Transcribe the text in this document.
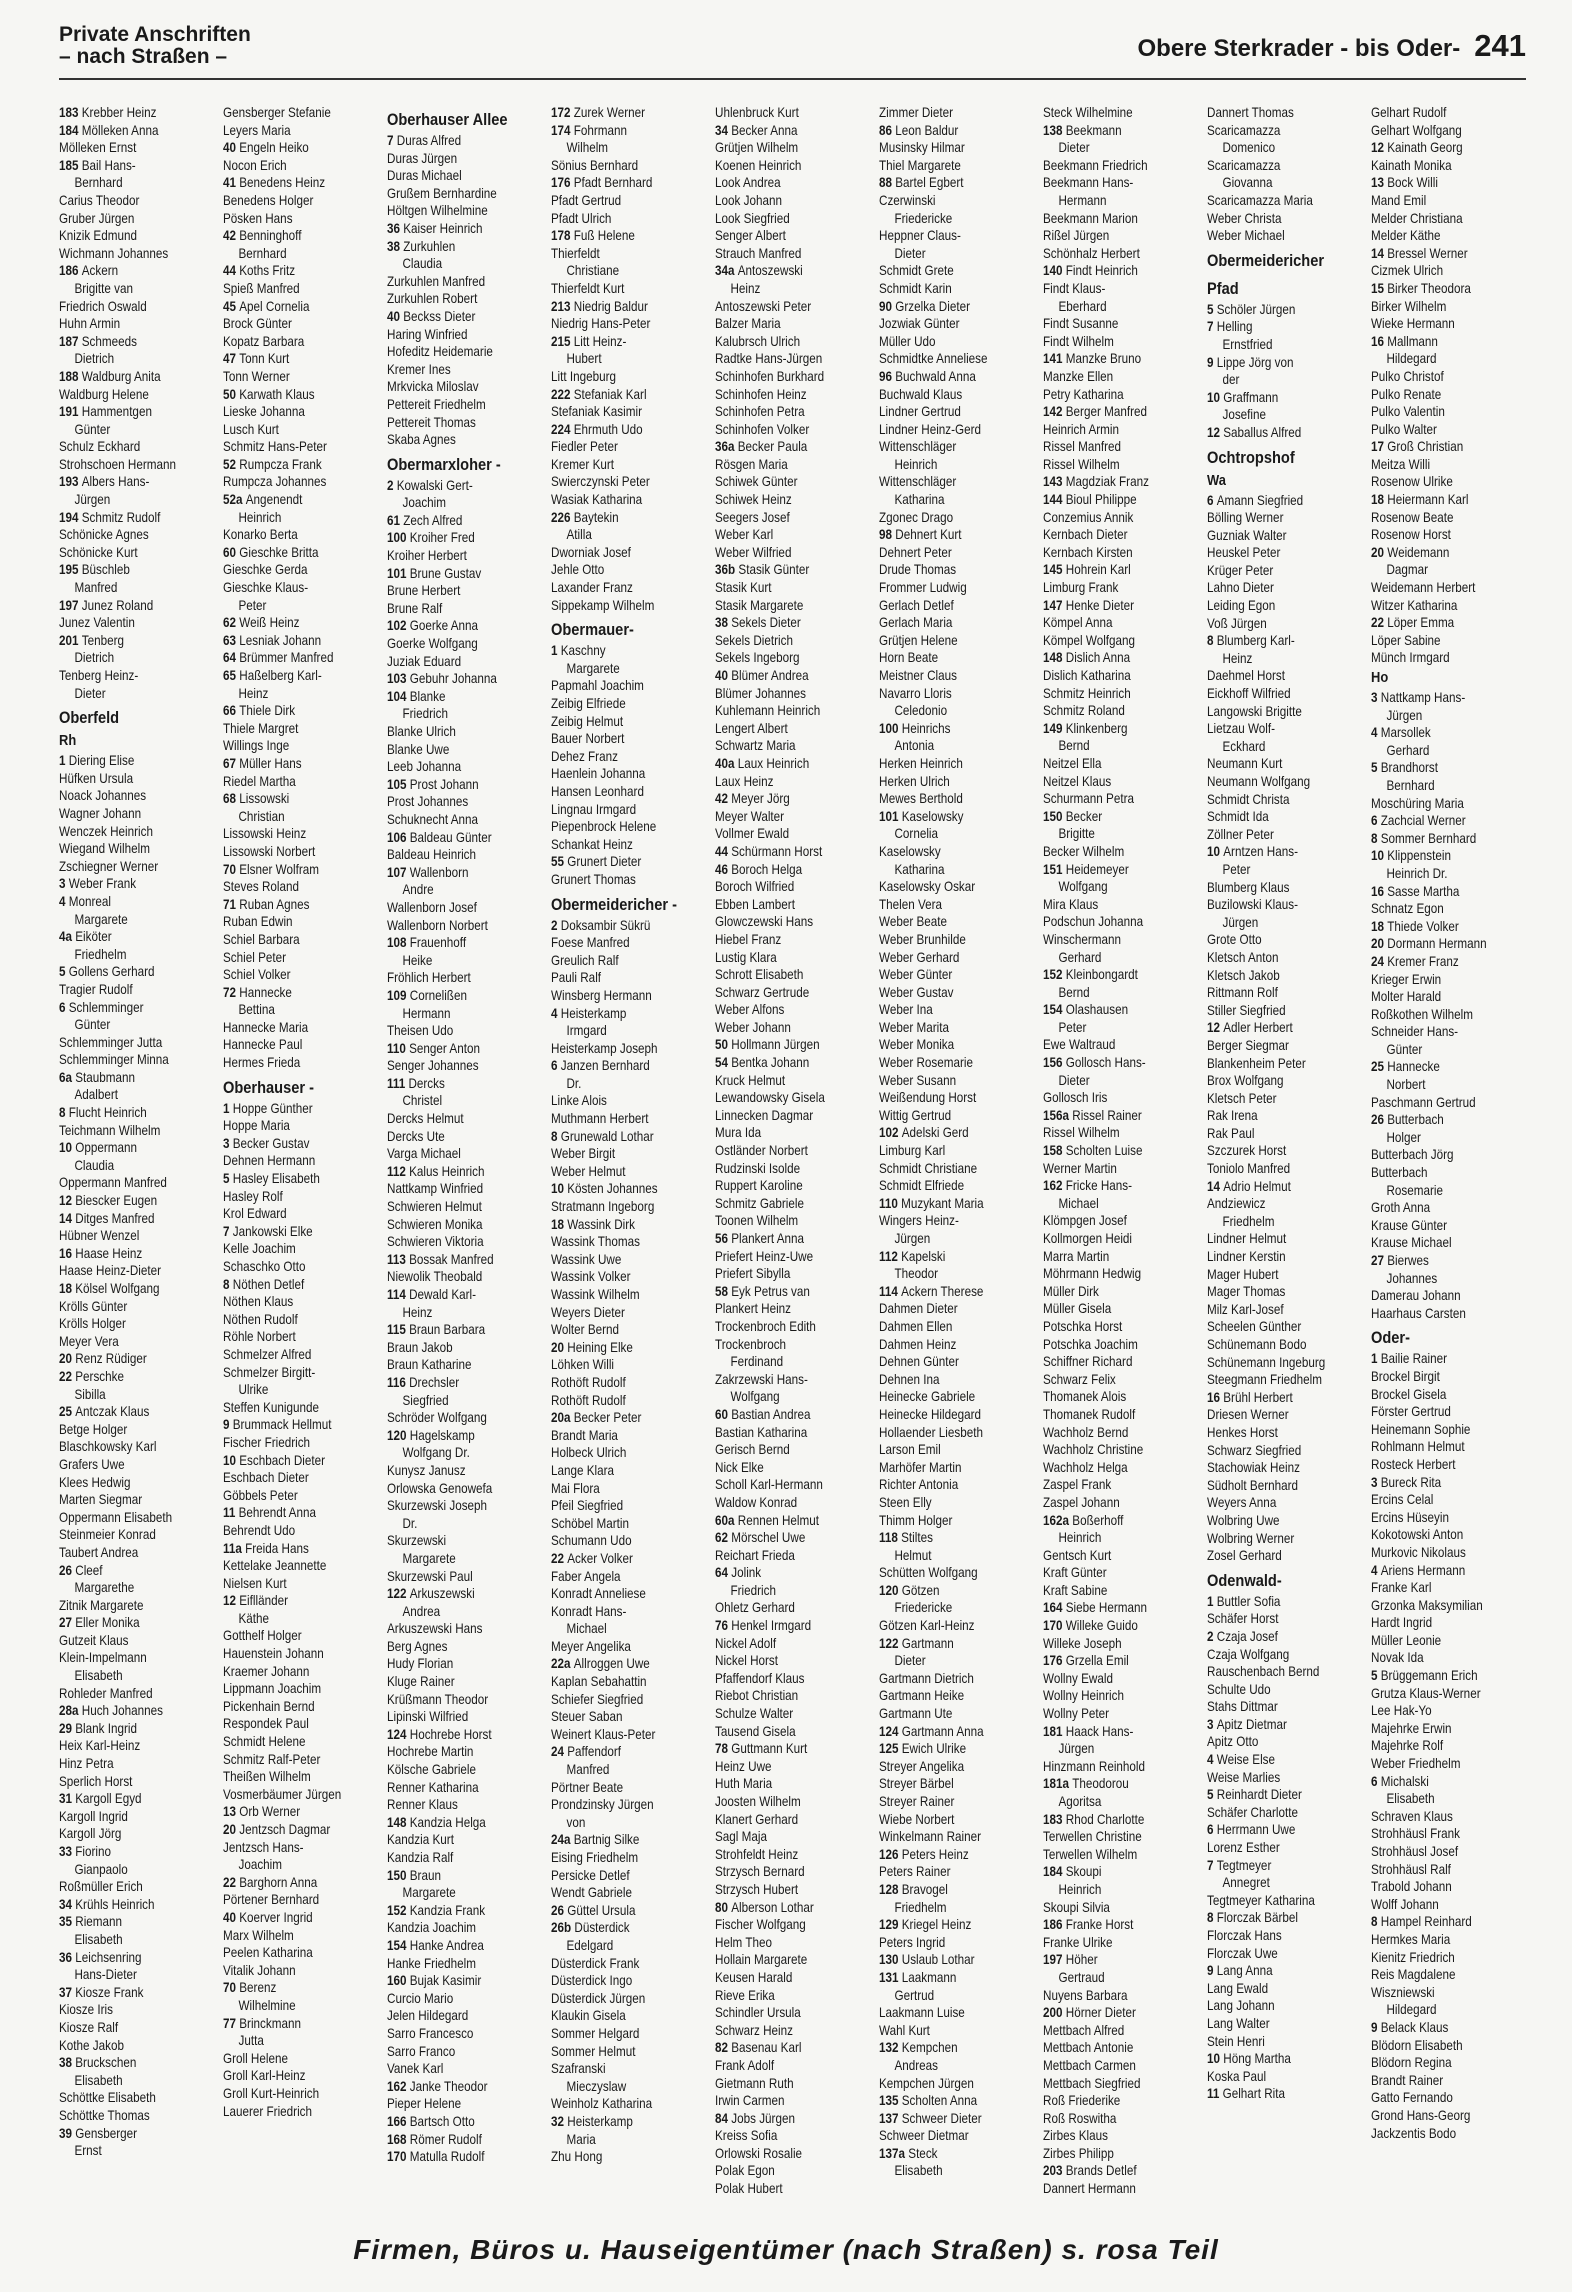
Private Anschriften
– nach Straßen –	Obere Sterkrader - bis Oder- 241
183 Krebber Heinz
184 Mölleken Anna
Mölleken Ernst
185 Bail Hans-
Bernhard
Carius Theodor
Gruber Jürgen
Knizik Edmund
Wichmann Johannes
186 Ackern
Brigitte van
Friedrich Oswald
Huhn Armin
187 Schmeeds
Dietrich
188 Waldburg Anita
Waldburg Helene
191 Hammentgen
Günter
Schulz Eckhard
Strohschoen Hermann
193 Albers Hans-
Jürgen
194 Schmitz Rudolf
Schönicke Agnes
Schönicke Kurt
195 Büschleb
Manfred
197 Junez Roland
Junez Valentin
201 Tenberg
Dietrich
Tenberg Heinz-
Dieter
Oberfeld
Rh
1 Diering Elise
Hüfken Ursula
Noack Johannes
Wagner Johann
Wenczek Heinrich
Wiegand Wilhelm
Zschiegner Werner
3 Weber Frank
4 Monreal
Margarete
4a Eiköter
Friedhelm
5 Gollens Gerhard
Tragier Rudolf
6 Schlemminger
Günter
Schlemminger Jutta
Schlemminger Minna
6a Staubmann
Adalbert
8 Flucht Heinrich
Teichmann Wilhelm
10 Oppermann
Claudia
Oppermann Manfred
12 Biescker Eugen
14 Ditges Manfred
Hübner Wenzel
16 Haase Heinz
Haase Heinz-Dieter
18 Kölsel Wolfgang
Krölls Günter
Krölls Holger
Meyer Vera
20 Renz Rüdiger
22 Perschke
Sibilla
25 Antczak Klaus
Betge Holger
Blaschkowsky Karl
Grafers Uwe
Klees Hedwig
Marten Siegmar
Oppermann Elisabeth
Steinmeier Konrad
Taubert Andrea
26 Cleef
Margarethe
Zitnik Margarete
27 Eller Monika
Gutzeit Klaus
Klein-Impelmann
Elisabeth
Rohleder Manfred
28a Huch Johannes
29 Blank Ingrid
Heix Karl-Heinz
Hinz Petra
Sperlich Horst
31 Kargoll Egyd
Kargoll Ingrid
Kargoll Jörg
33 Fiorino
Gianpaolo
Roßmüller Erich
34 Krühls Heinrich
35 Riemann
Elisabeth
36 Leichsenring
Hans-Dieter
37 Kiosze Frank
Kiosze Iris
Kiosze Ralf
Kothe Jakob
38 Bruckschen
Elisabeth
Schöttke Elisabeth
Schöttke Thomas
39 Gensberger
Ernst
Gensberger Stefanie
Leyers Maria
40 Engeln Heiko
Nocon Erich
41 Benedens Heinz
Benedens Holger
Pösken Hans
42 Benninghoff
Bernhard
44 Koths Fritz
Spieß Manfred
45 Apel Cornelia
Brock Günter
Kopatz Barbara
47 Tonn Kurt
Tonn Werner
50 Karwath Klaus
Lieske Johanna
Lusch Kurt
Schmitz Hans-Peter
52 Rumpcza Frank
Rumpcza Johannes
52a Angenendt
Heinrich
Konarko Berta
60 Gieschke Britta
Gieschke Gerda
Gieschke Klaus-
Peter
62 Weiß Heinz
63 Lesniak Johann
64 Brümmer Manfred
65 Haßelberg Karl-
Heinz
66 Thiele Dirk
Thiele Margret
Willings Inge
67 Müller Hans
Riedel Martha
68 Lissowski
Christian
Lissowski Heinz
Lissowski Norbert
70 Elsner Wolfram
Steves Roland
71 Ruban Agnes
Ruban Edwin
Schiel Barbara
Schiel Peter
Schiel Volker
72 Hannecke
Bettina
Hannecke Maria
Hannecke Paul
Hermes Frieda
Oberhauser -
1 Hoppe Günther
Hoppe Maria
3 Becker Gustav
Dehnen Hermann
5 Hasley Elisabeth
Hasley Rolf
Krol Edward
7 Jankowski Elke
Kelle Joachim
Schaschko Otto
8 Nöthen Detlef
Nöthen Klaus
Nöthen Rudolf
Röhle Norbert
Schmelzer Alfred
Schmelzer Birgitt-
Ulrike
Steffen Kunigunde
9 Brummack Hellmut
Fischer Friedrich
10 Eschbach Dieter
Eschbach Dieter
Göbbels Peter
11 Behrendt Anna
Behrendt Udo
11a Freida Hans
Kettelake Jeannette
Nielsen Kurt
12 Eiflländer
Käthe
Gotthelf Holger
Hauenstein Johann
Kraemer Johann
Lippmann Joachim
Pickenhain Bernd
Respondek Paul
Schmidt Helene
Schmitz Ralf-Peter
Theißen Wilhelm
Vosmerbäumer Jürgen
13 Orb Werner
20 Jentzsch Dagmar
Jentzsch Hans-
Joachim
22 Barghorn Anna
Pörtener Bernhard
40 Koerver Ingrid
Marx Wilhelm
Peelen Katharina
Vitalik Johann
70 Berenz
Wilhelmine
77 Brinckmann
Jutta
Groll Helene
Groll Karl-Heinz
Groll Kurt-Heinrich
Lauerer Friedrich
Oberhauser Allee
7 Duras Alfred
Duras Jürgen
Duras Michael
Grußem Bernhardine
Höltgen Wilhelmine
36 Kaiser Heinrich
38 Zurkuhlen
Claudia
Zurkuhlen Manfred
Zurkuhlen Robert
40 Beckss Dieter
Haring Winfried
Hofeditz Heidemarie
Kremer Ines
Mrkvicka Miloslav
Pettereit Friedhelm
Pettereit Thomas
Skaba Agnes
Obermarxloher -
2 Kowalski Gert-
Joachim
61 Zech Alfred
100 Kroiher Fred
Kroiher Herbert
101 Brune Gustav
Brune Herbert
Brune Ralf
102 Goerke Anna
Goerke Wolfgang
Juziak Eduard
103 Gebuhr Johanna
104 Blanke
Friedrich
Blanke Ulrich
Blanke Uwe
Leeb Johanna
105 Prost Johann
Prost Johannes
Schuknecht Anna
106 Baldeau Günter
Baldeau Heinrich
107 Wallenborn
Andre
Wallenborn Josef
Wallenborn Norbert
108 Frauenhoff
Heike
Fröhlich Herbert
109 Cornelißen
Hermann
Theisen Udo
110 Senger Anton
Senger Johannes
111 Dercks
Christel
Dercks Helmut
Dercks Ute
Varga Michael
112 Kalus Heinrich
Nattkamp Winfried
Schwieren Helmut
Schwieren Monika
Schwieren Viktoria
113 Bossak Manfred
Niewolik Theobald
114 Dewald Karl-
Heinz
115 Braun Barbara
Braun Jakob
Braun Katharine
116 Drechsler
Siegfried
Schröder Wolfgang
120 Hagelskamp
Wolfgang Dr.
Kunysz Janusz
Orlowska Genowefa
Skurzewski Joseph
Dr.
Skurzewski
Margarete
Skurzewski Paul
122 Arkuszewski
Andrea
Arkuszewski Hans
Berg Agnes
Hudy Florian
Kluge Rainer
Krüßmann Theodor
Lipinski Wilfried
124 Hochrebe Horst
Hochrebe Martin
Kölsche Gabriele
Renner Katharina
Renner Klaus
148 Kandzia Helga
Kandzia Kurt
Kandzia Ralf
150 Braun
Margarete
152 Kandzia Frank
Kandzia Joachim
154 Hanke Andrea
Hanke Friedhelm
160 Bujak Kasimir
Curcio Mario
Jelen Hildegard
Sarro Francesco
Sarro Franco
Vanek Karl
162 Janke Theodor
Pieper Helene
166 Bartsch Otto
168 Römer Rudolf
170 Matulla Rudolf
172 Zurek Werner
174 Fohrmann
Wilhelm
Sönius Bernhard
176 Pfadt Bernhard
Pfadt Gertrud
Pfadt Ulrich
178 Fuß Helene
Thierfeldt
Christiane
Thierfeldt Kurt
213 Niedrig Baldur
Niedrig Hans-Peter
215 Litt Heinz-
Hubert
Litt Ingeburg
222 Stefaniak Karl
Stefaniak Kasimir
224 Ehrmuth Udo
Fiedler Peter
Kremer Kurt
Swierczynski Peter
Wasiak Katharina
226 Baytekin
Atilla
Dworniak Josef
Jehle Otto
Laxander Franz
Sippekamp Wilhelm
Obermauer-
1 Kaschny
Margarete
Papmahl Joachim
Zeibig Elfriede
Zeibig Helmut
Bauer Norbert
Dehez Franz
Haenlein Johanna
Hansen Leonhard
Lingnau Irmgard
Piepenbrock Helene
Schankat Heinz
55 Grunert Dieter
Grunert Thomas
Obermeidericher -
2 Doksambir Sükrü
Foese Manfred
Greulich Ralf
Pauli Ralf
Winsberg Hermann
4 Heisterkamp
Irmgard
Heisterkamp Joseph
6 Janzen Bernhard
Dr.
Linke Alois
Muthmann Herbert
8 Grunewald Lothar
Weber Birgit
Weber Helmut
10 Kösten Johannes
Stratmann Ingeborg
18 Wassink Dirk
Wassink Thomas
Wassink Uwe
Wassink Volker
Wassink Wilhelm
Weyers Dieter
Wolter Bernd
20 Heining Elke
Löhken Willi
Rothöft Rudolf
Rothöft Rudolf
20a Becker Peter
Brandt Maria
Holbeck Ulrich
Lange Klara
Mai Flora
Pfeil Siegfried
Schöbel Martin
Schumann Udo
22 Acker Volker
Faber Angela
Konradt Anneliese
Konradt Hans-
Michael
Meyer Angelika
22a Allroggen Uwe
Kaplan Sebahattin
Schiefer Siegfried
Steuer Saban
Weinert Klaus-Peter
24 Paffendorf
Manfred
Pörtner Beate
Prondzinsky Jürgen
von
24a Bartnig Silke
Eising Friedhelm
Persicke Detlef
Wendt Gabriele
26 Güttel Ursula
26b Düsterdick
Edelgard
Düsterdick Frank
Düsterdick Ingo
Düsterdick Jürgen
Klaukin Gisela
Sommer Helgard
Sommer Helmut
Szafranski
Mieczyslaw
Weinholz Katharina
32 Heisterkamp
Maria
Zhu Hong
Uhlenbruck Kurt
34 Becker Anna
Grütjen Wilhelm
Koenen Heinrich
Look Andrea
Look Johann
Look Siegfried
Senger Albert
Strauch Manfred
34a Antoszewski
Heinz
Antoszewski Peter
Balzer Maria
Kalubrsch Ulrich
Radtke Hans-Jürgen
Schinhofen Burkhard
Schinhofen Heinz
Schinhofen Petra
Schinhofen Volker
36a Becker Paula
Rösgen Maria
Schiwek Günter
Schiwek Heinz
Seegers Josef
Weber Karl
Weber Wilfried
36b Stasik Günter
Stasik Kurt
Stasik Margarete
38 Sekels Dieter
Sekels Dietrich
Sekels Ingeborg
40 Blümer Andrea
Blümer Johannes
Kuhlemann Heinrich
Lengert Albert
Schwartz Maria
40a Laux Heinrich
Laux Heinz
42 Meyer Jörg
Meyer Walter
Vollmer Ewald
44 Schürmann Horst
46 Boroch Helga
Boroch Wilfried
Ebben Lambert
Glowczewski Hans
Hiebel Franz
Lustig Klara
Schrott Elisabeth
Schwarz Gertrude
Weber Alfons
Weber Johann
50 Hollmann Jürgen
54 Bentka Johann
Kruck Helmut
Lewandowsky Gisela
Linnecken Dagmar
Mura Ida
Ostländer Norbert
Rudzinski Isolde
Ruppert Karoline
Schmitz Gabriele
Toonen Wilhelm
56 Plankert Anna
Priefert Heinz-Uwe
Priefert Sibylla
58 Eyk Petrus van
Plankert Heinz
Trockenbroch Edith
Trockenbroch
Ferdinand
Zakrzewski Hans-
Wolfgang
60 Bastian Andrea
Bastian Katharina
Gerisch Bernd
Nick Elke
Scholl Karl-Hermann
Waldow Konrad
60a Rennen Helmut
62 Mörschel Uwe
Reichart Frieda
64 Jolink
Friedrich
Ohletz Gerhard
76 Henkel Irmgard
Nickel Adolf
Nickel Horst
Pfaffendorf Klaus
Riebot Christian
Schulze Walter
Tausend Gisela
78 Guttmann Kurt
Heinz Uwe
Huth Maria
Joosten Wilhelm
Klanert Gerhard
Sagl Maja
Strohfeldt Heinz
Strzysch Bernard
Strzysch Hubert
80 Alberson Lothar
Fischer Wolfgang
Helm Theo
Hollain Margarete
Keusen Harald
Rieve Erika
Schindler Ursula
Schwarz Heinz
82 Basenau Karl
Frank Adolf
Gietmann Ruth
Irwin Carmen
84 Jobs Jürgen
Kreiss Sofia
Orlowski Rosalie
Polak Egon
Polak Hubert
Zimmer Dieter
86 Leon Baldur
Musinsky Hilmar
Thiel Margarete
88 Bartel Egbert
Czerwinski
Friedericke
Heppner Claus-
Dieter
Schmidt Grete
Schmidt Karin
90 Grzelka Dieter
Jozwiak Günter
Müller Udo
Schmidtke Anneliese
96 Buchwald Anna
Buchwald Klaus
Lindner Gertrud
Lindner Heinz-Gerd
Wittenschläger
Heinrich
Wittenschläger
Katharina
Zgonec Drago
98 Dehnert Kurt
Dehnert Peter
Drude Thomas
Frommer Ludwig
Gerlach Detlef
Gerlach Maria
Grütjen Helene
Horn Beate
Meistner Claus
Navarro Lloris
Celedonio
100 Heinrichs
Antonia
Herken Heinrich
Herken Ulrich
Mewes Berthold
101 Kaselowsky
Cornelia
Kaselowsky
Katharina
Kaselowsky Oskar
Thelen Vera
Weber Beate
Weber Brunhilde
Weber Gerhard
Weber Günter
Weber Gustav
Weber Ina
Weber Marita
Weber Monika
Weber Rosemarie
Weber Susann
Weißendung Horst
Wittig Gertrud
102 Adelski Gerd
Limburg Karl
Schmidt Christiane
Schmidt Elfriede
110 Muzykant Maria
Wingers Heinz-
Jürgen
112 Kapelski
Theodor
114 Ackern Therese
Dahmen Dieter
Dahmen Ellen
Dahmen Heinz
Dehnen Günter
Dehnen Ina
Heinecke Gabriele
Heinecke Hildegard
Hollaender Liesbeth
Larson Emil
Marhöfer Martin
Richter Antonia
Steen Elly
Thimm Holger
118 Stiltes
Helmut
Schütten Wolfgang
120 Götzen
Friedericke
Götzen Karl-Heinz
122 Gartmann
Dieter
Gartmann Dietrich
Gartmann Heike
Gartmann Ute
124 Gartmann Anna
125 Ewich Ulrike
Streyer Angelika
Streyer Bärbel
Streyer Rainer
Wiebe Norbert
Winkelmann Rainer
126 Peters Heinz
Peters Rainer
128 Bravogel
Friedhelm
129 Kriegel Heinz
Peters Ingrid
130 Uslaub Lothar
131 Laakmann
Gertrud
Laakmann Luise
Wahl Kurt
132 Kempchen
Andreas
Kempchen Jürgen
135 Scholten Anna
137 Schweer Dieter
Schweer Dietmar
137a Steck
Elisabeth
Steck Wilhelmine
138 Beekmann
Dieter
Beekmann Friedrich
Beekmann Hans-
Hermann
Beekmann Marion
Rißel Jürgen
Schönhalz Herbert
140 Findt Heinrich
Findt Klaus-
Eberhard
Findt Susanne
Findt Wilhelm
141 Manzke Bruno
Manzke Ellen
Petry Katharina
142 Berger Manfred
Heinrich Armin
Rissel Manfred
Rissel Wilhelm
143 Magdziak Franz
144 Bioul Philippe
Conzemius Annik
Kernbach Dieter
Kernbach Kirsten
145 Hohrein Karl
Limburg Frank
147 Henke Dieter
Kömpel Anna
Kömpel Wolfgang
148 Dislich Anna
Dislich Katharina
Schmitz Heinrich
Schmitz Roland
149 Klinkenberg
Bernd
Neitzel Ella
Neitzel Klaus
Schurmann Petra
150 Becker
Brigitte
Becker Wilhelm
151 Heidemeyer
Wolfgang
Mira Klaus
Podschun Johanna
Winschermann
Gerhard
152 Kleinbongardt
Bernd
154 Olashausen
Peter
Ewe Waltraud
156 Gollosch Hans-
Dieter
Gollosch Iris
156a Rissel Rainer
Rissel Wilhelm
158 Scholten Luise
Werner Martin
162 Fricke Hans-
Michael
Klömpgen Josef
Kollmorgen Heidi
Marra Martin
Möhrmann Hedwig
Müller Dirk
Müller Gisela
Potschka Horst
Potschka Joachim
Schiffner Richard
Schwarz Felix
Thomanek Alois
Thomanek Rudolf
Wachholz Bernd
Wachholz Christine
Wachholz Helga
Zaspel Frank
Zaspel Johann
162a Boßerhoff
Heinrich
Gentsch Kurt
Kraft Günter
Kraft Sabine
164 Siebe Hermann
170 Willeke Guido
Willeke Joseph
176 Grzella Emil
Wollny Ewald
Wollny Heinrich
Wollny Peter
181 Haack Hans-
Jürgen
Hinzmann Reinhold
181a Theodorou
Agoritsa
183 Rhod Charlotte
Terwellen Christine
Terwellen Wilhelm
184 Skoupi
Heinrich
Skoupi Silvia
186 Franke Horst
Franke Ulrike
197 Höher
Gertraud
Nuyens Barbara
200 Hörner Dieter
Mettbach Alfred
Mettbach Antonie
Mettbach Carmen
Mettbach Siegfried
Roß Friederike
Roß Roswitha
Zirbes Klaus
Zirbes Philipp
203 Brands Detlef
Dannert Hermann
Dannert Thomas
Scaricamazza
Domenico
Scaricamazza
Giovanna
Scaricamazza Maria
Weber Christa
Weber Michael
Obermeidericher
Pfad
5 Schöler Jürgen
7 Helling
Ernstfried
9 Lippe Jörg von
der
10 Graffmann
Josefine
12 Saballus Alfred
Ochtropshof
Wa
6 Amann Siegfried
Bölling Werner
Guzniak Walter
Heuskel Peter
Krüger Peter
Lahno Dieter
Leiding Egon
Voß Jürgen
8 Blumberg Karl-
Heinz
Daehmel Horst
Eickhoff Wilfried
Langowski Brigitte
Lietzau Wolf-
Eckhard
Neumann Kurt
Neumann Wolfgang
Schmidt Christa
Schmidt Ida
Zöllner Peter
10 Arntzen Hans-
Peter
Blumberg Klaus
Buzilowski Klaus-
Jürgen
Grote Otto
Kletsch Anton
Kletsch Jakob
Rittmann Rolf
Stiller Siegfried
12 Adler Herbert
Berger Siegmar
Blankenheim Peter
Brox Wolfgang
Kletsch Peter
Rak Irena
Rak Paul
Szczurek Horst
Toniolo Manfred
14 Adrio Helmut
Andziewicz
Friedhelm
Lindner Helmut
Lindner Kerstin
Mager Hubert
Mager Thomas
Milz Karl-Josef
Scheelen Günther
Schünemann Bodo
Schünemann Ingeburg
Steegmann Friedhelm
16 Brühl Herbert
Driesen Werner
Henkes Horst
Schwarz Siegfried
Stachowiak Heinz
Südholt Bernhard
Weyers Anna
Wolbring Uwe
Wolbring Werner
Zosel Gerhard
Odenwald-
1 Buttler Sofia
Schäfer Horst
2 Czaja Josef
Czaja Wolfgang
Rauschenbach Bernd
Schulte Udo
Stahs Dittmar
3 Apitz Dietmar
Apitz Otto
4 Weise Else
Weise Marlies
5 Reinhardt Dieter
Schäfer Charlotte
6 Herrmann Uwe
Lorenz Esther
7 Tegtmeyer
Annegret
Tegtmeyer Katharina
8 Florczak Bärbel
Florczak Hans
Florczak Uwe
9 Lang Anna
Lang Ewald
Lang Johann
Lang Walter
Stein Henri
10 Höng Martha
Koska Paul
11 Gelhart Rita
Gelhart Rudolf
Gelhart Wolfgang
12 Kainath Georg
Kainath Monika
13 Bock Willi
Mand Emil
Melder Christiana
Melder Käthe
14 Bressel Werner
Cizmek Ulrich
15 Birker Theodora
Birker Wilhelm
Wieke Hermann
16 Mallmann
Hildegard
Pulko Christof
Pulko Renate
Pulko Valentin
Pulko Walter
17 Groß Christian
Meitza Willi
Rosenow Ulrike
18 Heiermann Karl
Rosenow Beate
Rosenow Horst
20 Weidemann
Dagmar
Weidemann Herbert
Witzer Katharina
22 Löper Emma
Löper Sabine
Münch Irmgard
Ho
3 Nattkamp Hans-
Jürgen
4 Marsollek
Gerhard
5 Brandhorst
Bernhard
Moschüring Maria
6 Zachcial Werner
8 Sommer Bernhard
10 Klippenstein
Heinrich Dr.
16 Sasse Martha
Schnatz Egon
18 Thiede Volker
20 Dormann Hermann
24 Kremer Franz
Krieger Erwin
Molter Harald
Roßkothen Wilhelm
Schneider Hans-
Günter
25 Hannecke
Norbert
Paschmann Gertrud
26 Butterbach
Holger
Butterbach Jörg
Butterbach
Rosemarie
Groth Anna
Krause Günter
Krause Michael
27 Bierwes
Johannes
Damerau Johann
Haarhaus Carsten
Oder-
1 Bailie Rainer
Brockel Birgit
Brockel Gisela
Förster Gertrud
Heinemann Sophie
Rohlmann Helmut
Rosteck Herbert
3 Bureck Rita
Ercins Celal
Ercins Hüseyin
Kokotowski Anton
Murkovic Nikolaus
4 Ariens Hermann
Franke Karl
Grzonka Maksymilian
Hardt Ingrid
Müller Leonie
Novak Ida
5 Brüggemann Erich
Grutza Klaus-Werner
Lee Hak-Yo
Majehrke Erwin
Majehrke Rolf
Weber Friedhelm
6 Michalski
Elisabeth
Schraven Klaus
Strohhäusl Frank
Strohhäusl Josef
Strohhäusl Ralf
Trabold Johann
Wolff Johann
8 Hampel Reinhard
Hermkes Maria
Kienitz Friedrich
Reis Magdalene
Wiszniewski
Hildegard
9 Belack Klaus
Blödorn Elisabeth
Blödorn Regina
Brandt Rainer
Gatto Fernando
Grond Hans-Georg
Jackzentis Bodo
Firmen, Büros u. Hauseigentümer (nach Straßen) s. rosa Teil
